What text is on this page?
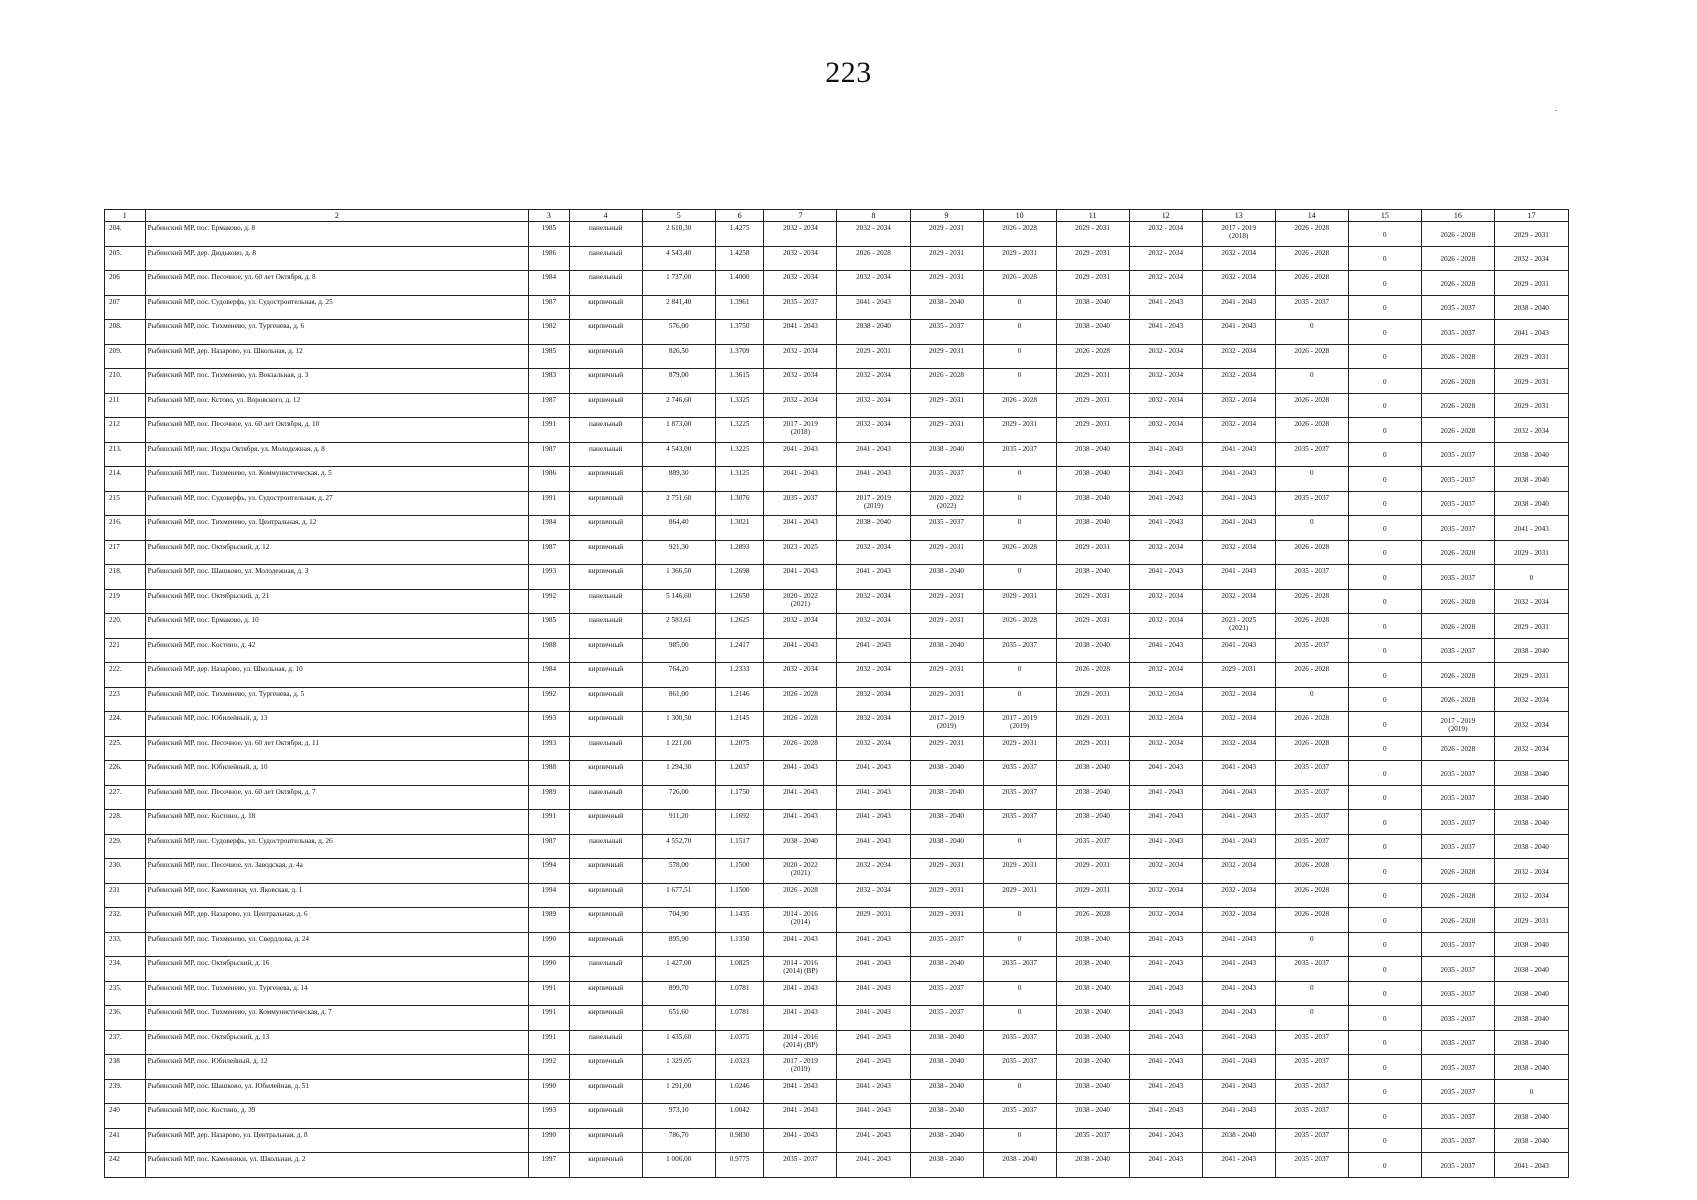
223
1	2	3	4	5	6	7	8	9	10	11	12	13	14	15	16	17

204.	Рыбинский МР, пос. Ермаково, д. 8	1985	панельный	2 610,30	1.4275	2032 - 2034	2032 - 2034	2029 - 2031	2026 - 2028	2029 - 2031	2032 - 2034	2017 - 2019
(2018)	2026 - 2028	0	2026 - 2028	2029 - 2031

205.	Рыбинский МР, дер. Дюдьково, д. 8	1986	панельный	4 543,40	1.4258	2032 - 2034	2026 - 2028	2029 - 2031	2029 - 2031	2029 - 2031	2032 - 2034	2032 - 2034	2026 - 2028	0	2026 - 2028	2032 - 2034

206	Рыбинский МР, пос. Песочное, ул. 60 лет Октября, д. 8	1984	панельный	1 737,00	1.4000	2032 - 2034	2032 - 2034	2029 - 2031	2026 - 2028	2029 - 2031	2032 - 2034	2032 - 2034	2026 - 2028	0	2026 - 2028	2029 - 2031

207	Рыбинский МР, пос. Судоверфь, ул. Судостроительная, д. 25	1987	кирпичный	2 841,40	1.3961	2035 - 2037	2041 - 2043	2038 - 2040	0	2038 - 2040	2041 - 2043	2041 - 2043	2035 - 2037	0	2035 - 2037	2038 - 2040

208.	Рыбинский МР, пос. Тихменево, ул. Тургенева, д. 6	1982	кирпичный	576,00	1.3750	2041 - 2043	2038 - 2040	2035 - 2037	0	2038 - 2040	2041 - 2043	2041 - 2043	0	0	2035 - 2037	2041 - 2043

209.	Рыбинский МР, дер. Назарово, ул. Школьная, д. 12	1985	кирпичный	826,50	1.3709	2032 - 2034	2029 - 2031	2029 - 2031	0	2026 - 2028	2032 - 2034	2032 - 2034	2026 - 2028	0	2026 - 2028	2029 - 2031

210.	Рыбинский МР, пос. Тихменево, ул. Вокзальная, д. 3	1983	кирпичный	879,00	1.3615	2032 - 2034	2032 - 2034	2026 - 2028	0	2029 - 2031	2032 - 2034	2032 - 2034	0	0	2026 - 2028	2029 - 2031

211	Рыбинский МР, пос. Кстово, ул. Воровского, д. 12	1987	кирпичный	2 746,60	1.3325	2032 - 2034	2032 - 2034	2029 - 2031	2026 - 2028	2029 - 2031	2032 - 2034	2032 - 2034	2026 - 2028	0	2026 - 2028	2029 - 2031

212	Рыбинский МР, пос. Песочное, ул. 60 лет Октября, д. 10	1991	панельный	1 873,00	1.3225	2017 - 2019
(2018)	2032 - 2034	2029 - 2031	2029 - 2031	2029 - 2031	2032 - 2034	2032 - 2034	2026 - 2028	0	2026 - 2028	2032 - 2034

213.	Рыбинский МР, пос. Искра Октября, ул. Молодежная, д. 8	1987	панельный	4 543,00	1.3225	2041 - 2043	2041 - 2043	2038 - 2040	2035 - 2037	2038 - 2040	2041 - 2043	2041 - 2043	2035 - 2037	0	2035 - 2037	2038 - 2040

214.	Рыбинский МР, пос. Тихменево, ул. Коммунистическая, д. 5	1986	кирпичный	889,30	1.3125	2041 - 2043	2041 - 2043	2035 - 2037	0	2038 - 2040	2041 - 2043	2041 - 2043	0	0	2035 - 2037	2038 - 2040

215	Рыбинский МР, пос. Судоверфь, ул. Судостроительная, д. 27	1991	кирпичный	2 751,60	1.3076	2035 - 2037	2017 - 2019
(2019)	2020 - 2022
(2022)	0	2038 - 2040	2041 - 2043	2041 - 2043	2035 - 2037	0	2035 - 2037	2038 - 2040

216.	Рыбинский МР, пос. Тихменево, ул. Центральная, д. 12	1984	кирпичный	864,40	1.3021	2041 - 2043	2038 - 2040	2035 - 2037	0	2038 - 2040	2041 - 2043	2041 - 2043	0	0	2035 - 2037	2041 - 2043

217	Рыбинский МР, пос. Октябрьский, д. 12	1987	кирпичный	921,30	1.2893	2023 - 2025	2032 - 2034	2029 - 2031	2026 - 2028	2029 - 2031	2032 - 2034	2032 - 2034	2026 - 2028	0	2026 - 2028	2029 - 2031

218.	Рыбинский МР, пос. Шашково, ул. Молодежная, д. 3	1993	кирпичный	1 366,50	1.2698	2041 - 2043	2041 - 2043	2038 - 2040	0	2038 - 2040	2041 - 2043	2041 - 2043	2035 - 2037	0	2035 - 2037	0

219	Рыбинский МР, пос. Октябрьский, д. 21	1992	панельный	5 146,60	1.2650	2020 - 2022
(2021)	2032 - 2034	2029 - 2031	2029 - 2031	2029 - 2031	2032 - 2034	2032 - 2034	2026 - 2028	0	2026 - 2028	2032 - 2034

220.	Рыбинский МР, пос. Ермаково, д. 10	1985	панельный	2 583,61	1.2625	2032 - 2034	2032 - 2034	2029 - 2031	2026 - 2028	2029 - 2031	2032 - 2034	2023 - 2025
(2021)	2026 - 2028	0	2026 - 2028	2029 - 2031

221	Рыбинский МР, пос. Костино, д. 42	1988	кирпичный	985,00	1.2417	2041 - 2043	2041 - 2043	2038 - 2040	2035 - 2037	2038 - 2040	2041 - 2043	2041 - 2043	2035 - 2037	0	2035 - 2037	2038 - 2040

222.	Рыбинский МР, дер. Назарово, ул. Школьная, д. 10	1984	кирпичный	764,20	1.2333	2032 - 2034	2032 - 2034	2029 - 2031	0	2026 - 2028	2032 - 2034	2029 - 2031	2026 - 2028	0	2026 - 2028	2029 - 2031

223	Рыбинский МР, пос. Тихменево, ул. Тургенева, д. 5	1992	кирпичный	861,00	1.2146	2026 - 2028	2032 - 2034	2029 - 2031	0	2029 - 2031	2032 - 2034	2032 - 2034	0	0	2026 - 2028	2032 - 2034

224.	Рыбинский МР, пос. Юбилейный, д. 13	1993	кирпичный	1 300,50	1.2145	2026 - 2028	2032 - 2034	2017 - 2019
(2019)	2017 - 2019
(2019)	2029 - 2031	2032 - 2034	2032 - 2034	2026 - 2028	0	2017 - 2019
(2019)	2032 - 2034

225.	Рыбинский МР, пос. Песочное, ул. 60 лет Октября, д. 11	1993	панельный	1 221,00	1.2075	2026 - 2028	2032 - 2034	2029 - 2031	2029 - 2031	2029 - 2031	2032 - 2034	2032 - 2034	2026 - 2028	0	2026 - 2028	2032 - 2034

226.	Рыбинский МР, пос. Юбилейный, д. 10	1988	кирпичный	1 294,30	1.2037	2041 - 2043	2041 - 2043	2038 - 2040	2035 - 2037	2038 - 2040	2041 - 2043	2041 - 2043	2035 - 2037	0	2035 - 2037	2038 - 2040

227.	Рыбинский МР, пос. Песочное, ул. 60 лет Октября, д. 7	1989	панельный	726,00	1.1750	2041 - 2043	2041 - 2043	2038 - 2040	2035 - 2037	2038 - 2040	2041 - 2043	2041 - 2043	2035 - 2037	0	2035 - 2037	2038 - 2040

228.	Рыбинский МР, пос. Костино, д. 18	1991	кирпичный	911,20	1.1692	2041 - 2043	2041 - 2043	2038 - 2040	2035 - 2037	2038 - 2040	2041 - 2043	2041 - 2043	2035 - 2037	0	2035 - 2037	2038 - 2040

229.	Рыбинский МР, пос. Судоверфь, ул. Судостроительная, д. 26	1987	панельный	4 552,70	1.1517	2038 - 2040	2041 - 2043	2038 - 2040	0	2035 - 2037	2041 - 2043	2041 - 2043	2035 - 2037	0	2035 - 2037	2038 - 2040

230.	Рыбинский МР, пос. Песочное, ул. Заводская, д. 4а	1994	кирпичный	578,00	1.1500	2020 - 2022
(2021)	2032 - 2034	2029 - 2031	2029 - 2031	2029 - 2031	2032 - 2034	2032 - 2034	2026 - 2028	0	2026 - 2028	2032 - 2034

231	Рыбинский МР, пос. Каменники, ул. Яковская, д. 1	1994	кирпичный	1 677,51	1.1500	2026 - 2028	2032 - 2034	2029 - 2031	2029 - 2031	2029 - 2031	2032 - 2034	2032 - 2034	2026 - 2028	0	2026 - 2028	2032 - 2034

232.	Рыбинский МР, дер. Назарово, ул. Центральная, д. 6	1989	кирпичный	704,90	1.1435	2014 - 2016
(2014)	2029 - 2031	2029 - 2031	0	2026 - 2028	2032 - 2034	2032 - 2034	2026 - 2028	0	2026 - 2028	2029 - 2031

233.	Рыбинский МР, пос. Тихменево, ул. Свердлова, д. 24	1990	кирпичный	895,90	1.1350	2041 - 2043	2041 - 2043	2035 - 2037	0	2038 - 2040	2041 - 2043	2041 - 2043	0	0	2035 - 2037	2038 - 2040

234.	Рыбинский МР, пос. Октябрьский, д. 16	1990	панельный	1 427,00	1.0825	2014 - 2016
(2014) (ВР)	2041 - 2043	2038 - 2040	2035 - 2037	2038 - 2040	2041 - 2043	2041 - 2043	2035 - 2037	0	2035 - 2037	2038 - 2040

235.	Рыбинский МР, пос. Тихменево, ул. Тургенева, д. 14	1991	кирпичный	899,70	1.0781	2041 - 2043	2041 - 2043	2035 - 2037	0	2038 - 2040	2041 - 2043	2041 - 2043	0	0	2035 - 2037	2038 - 2040

236.	Рыбинский МР, пос. Тихменево, ул. Коммунистическая, д. 7	1991	кирпичный	651,60	1.0781	2041 - 2043	2041 - 2043	2035 - 2037	0	2038 - 2040	2041 - 2043	2041 - 2043	0	0	2035 - 2037	2038 - 2040

237.	Рыбинский МР, пос. Октябрьский, д. 13	1991	панельный	1 435,60	1.0375	2014 - 2016
(2014) (ВР)	2041 - 2043	2038 - 2040	2035 - 2037	2038 - 2040	2041 - 2043	2041 - 2043	2035 - 2037	0	2035 - 2037	2038 - 2040

238	Рыбинский МР, пос. Юбилейный, д. 12	1992	кирпичный	1 329,05	1.0323	2017 - 2019
(2019)	2041 - 2043	2038 - 2040	2035 - 2037	2038 - 2040	2041 - 2043	2041 - 2043	2035 - 2037	0	2035 - 2037	2038 - 2040

239.	Рыбинский МР, пос. Шашково, ул. Юбилейная, д. 51	1990	кирпичный	1 291,00	1.0246	2041 - 2043	2041 - 2043	2038 - 2040	0	2038 - 2040	2041 - 2043	2041 - 2043	2035 - 2037	0	2035 - 2037	0

240	Рыбинский МР, пос. Костино, д. 39	1993	кирпичный	973,10	1.0042	2041 - 2043	2041 - 2043	2038 - 2040	2035 - 2037	2038 - 2040	2041 - 2043	2041 - 2043	2035 - 2037	0	2035 - 2037	2038 - 2040

241	Рыбинский МР, дер. Назарово, ул. Центральная, д. 8	1990	кирпичный	786,70	0.9830	2041 - 2043	2041 - 2043	2038 - 2040	0	2035 - 2037	2041 - 2043	2038 - 2040	2035 - 2037	0	2035 - 2037	2038 - 2040

242	Рыбинский МР, пос. Каменники, ул. Школьная, д. 2	1997	кирпичный	1 006,00	0.9775	2035 - 2037	2041 - 2043	2038 - 2040	2038 - 2040	2038 - 2040	2041 - 2043	2041 - 2043	2035 - 2037	0	2035 - 2037	2041 - 2043
